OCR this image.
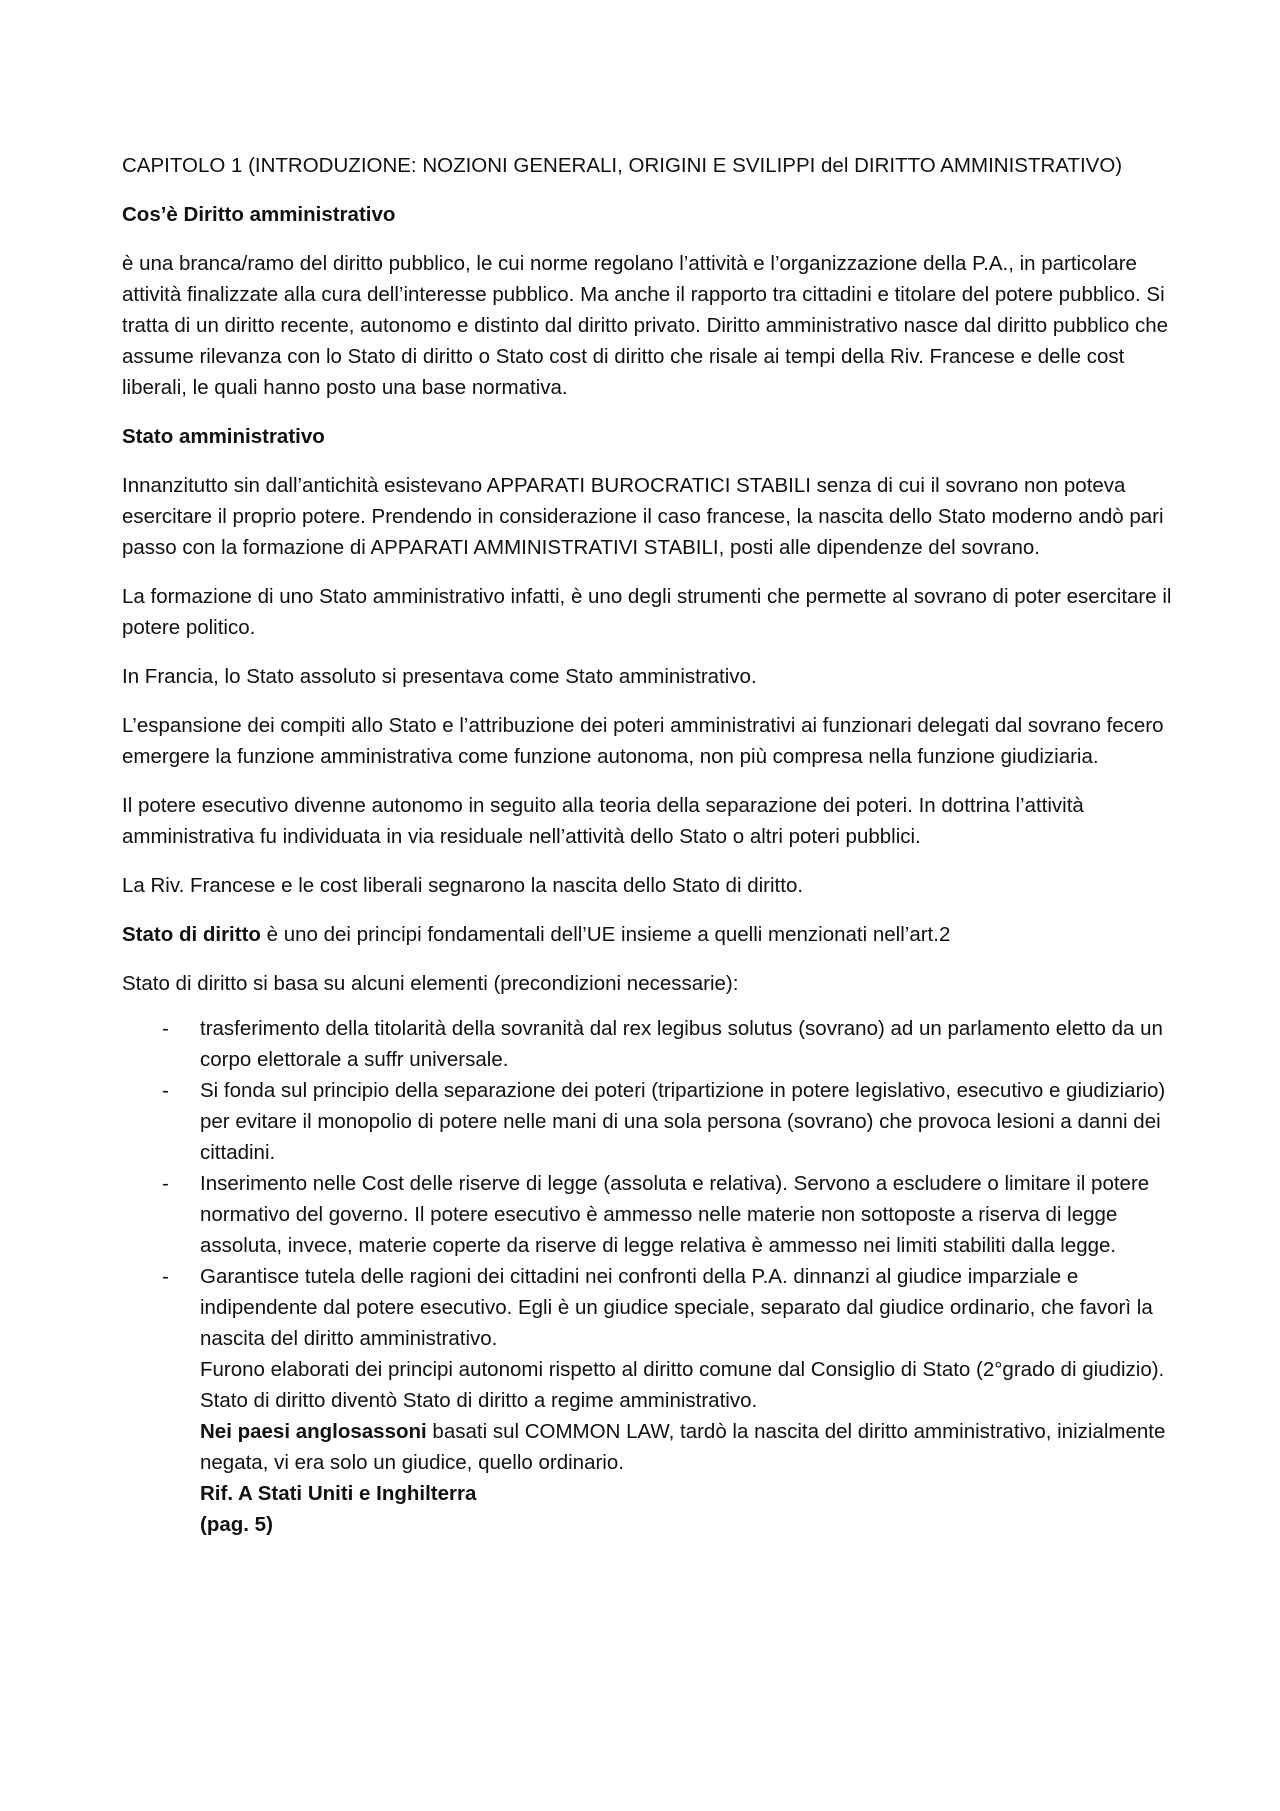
CAPITOLO 1 (INTRODUZIONE: NOZIONI GENERALI, ORIGINI E SVILIPPI del DIRITTO AMMINISTRATIVO)

Cos’è Diritto amministrativo

è una branca/ramo del diritto pubblico, le cui norme regolano l’attività e l’organizzazione della P.A., in particolare attività finalizzate alla cura dell’interesse pubblico. Ma anche il rapporto tra cittadini e titolare del potere pubblico. Si tratta di un diritto recente, autonomo e distinto dal diritto privato. Diritto amministrativo nasce dal diritto pubblico che assume rilevanza con lo Stato di diritto o Stato cost di diritto che risale ai tempi della Riv. Francese e delle cost liberali, le quali hanno posto una base normativa.

Stato amministrativo

Innanzitutto sin dall’antichità esistevano APPARATI BUROCRATICI STABILI senza di cui il sovrano non poteva esercitare il proprio potere. Prendendo in considerazione il caso francese, la nascita dello Stato moderno andò pari passo con la formazione di APPARATI AMMINISTRATIVI STABILI, posti alle dipendenze del sovrano.

La formazione di uno Stato amministrativo infatti, è uno degli strumenti che permette al sovrano di poter esercitare il potere politico.

In Francia, lo Stato assoluto si presentava come Stato amministrativo.

L’espansione dei compiti allo Stato e l’attribuzione dei poteri amministrativi ai funzionari delegati dal sovrano fecero emergere la funzione amministrativa come funzione autonoma, non più compresa nella funzione giudiziaria.

Il potere esecutivo divenne autonomo in seguito alla teoria della separazione dei poteri. In dottrina l’attività amministrativa fu individuata in via residuale nell’attività dello Stato o altri poteri pubblici.

La Riv. Francese e le cost liberali segnarono la nascita dello Stato di diritto.

Stato di diritto è uno dei principi fondamentali dell’UE insieme a quelli menzionati nell’art.2

Stato di diritto si basa su alcuni elementi (precondizioni necessarie):

- trasferimento della titolarità della sovranità dal rex legibus solutus (sovrano) ad un parlamento eletto da un corpo elettorale a suffr universale.
- Si fonda sul principio della separazione dei poteri (tripartizione in potere legislativo, esecutivo e giudiziario) per evitare il monopolio di potere nelle mani di una sola persona (sovrano) che provoca lesioni a danni dei cittadini.
- Inserimento nelle Cost delle riserve di legge (assoluta e relativa). Servono a escludere o limitare il potere normativo del governo. Il potere esecutivo è ammesso nelle materie non sottoposte a riserva di legge assoluta, invece, materie coperte da riserve di legge relativa è ammesso nei limiti stabiliti dalla legge.
- Garantisce tutela delle ragioni dei cittadini nei confronti della P.A. dinnanzi al giudice imparziale e indipendente dal potere esecutivo. Egli è un giudice speciale, separato dal giudice ordinario, che favorì la nascita del diritto amministrativo.
Furono elaborati dei principi autonomi rispetto al diritto comune dal Consiglio di Stato (2°grado di giudizio).
Stato di diritto diventò Stato di diritto a regime amministrativo.
Nei paesi anglosassoni basati sul COMMON LAW, tardò la nascita del diritto amministrativo, inizialmente negata, vi era solo un giudice, quello ordinario.
Rif. A Stati Uniti e Inghilterra
(pag. 5)
